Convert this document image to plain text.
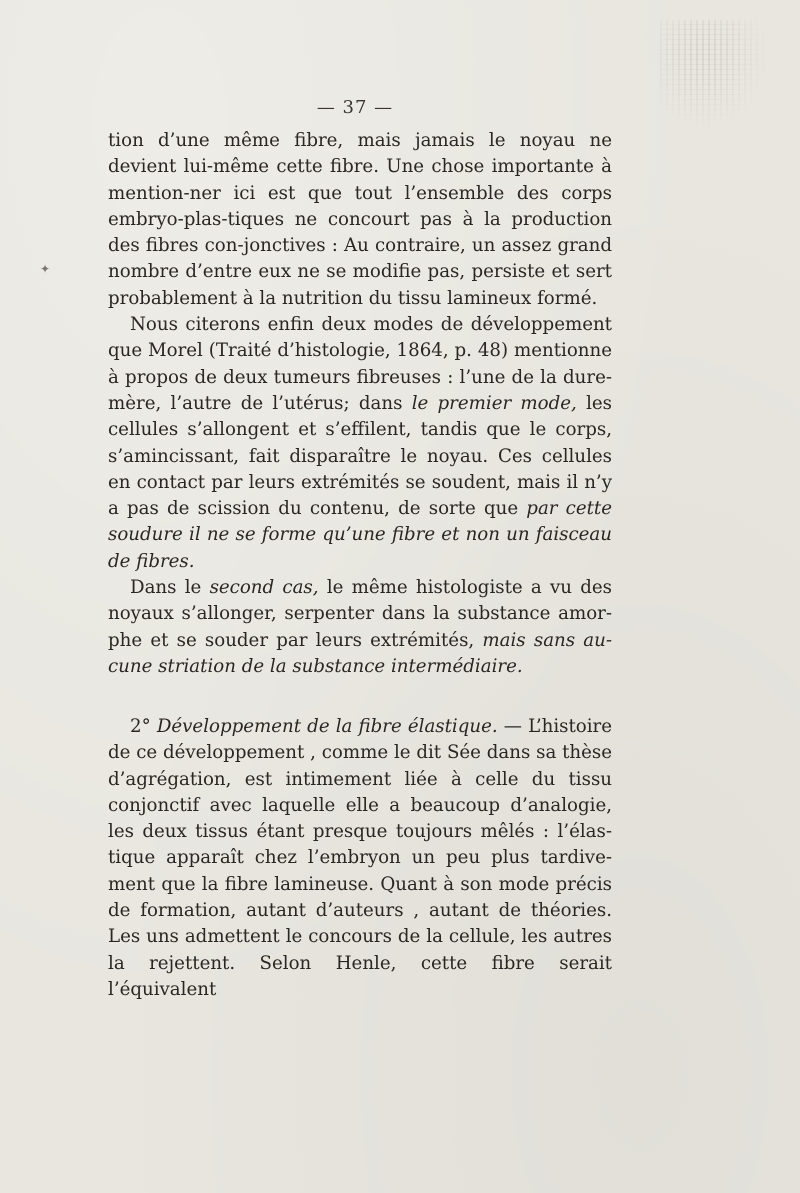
✦
— 37 —

tion d’une même fibre, mais jamais le noyau ne devient lui-même cette fibre. Une chose importante à mention-ner ici est que tout l’ensemble des corps embryo-plas-tiques ne concourt pas à la production des fibres con-jonctives : Au contraire, un assez grand nombre d’entre eux ne se modifie pas, persiste et sert probablement à la nutrition du tissu lamineux formé.

Nous citerons enfin deux modes de développement que Morel (Traité d’histologie, 1864, p. 48) mentionne à propos de deux tumeurs fibreuses : l’une de la dure-mère, l’autre de l’utérus; dans le premier mode, les cellules s’allongent et s’effilent, tandis que le corps, s’amincissant, fait disparaître le noyau. Ces cellules en contact par leurs extrémités se soudent, mais il n’y a pas de scission du contenu, de sorte que par cette soudure il ne se forme qu’une fibre et non un faisceau de fibres.

Dans le second cas, le même histologiste a vu des noyaux s’allonger, serpenter dans la substance amor-phe et se souder par leurs extrémités, mais sans au-cune striation de la substance intermédiaire.

2° Développement de la fibre élastique. — L’histoire de ce développement , comme le dit Sée dans sa thèse d’agrégation, est intimement liée à celle du tissu conjonctif avec laquelle elle a beaucoup d’analogie, les deux tissus étant presque toujours mêlés : l’élas-tique apparaît chez l’embryon un peu plus tardive-ment que la fibre lamineuse. Quant à son mode précis de formation, autant d’auteurs , autant de théories. Les uns admettent le concours de la cellule, les autres la rejettent. Selon Henle, cette fibre serait l’équivalent
